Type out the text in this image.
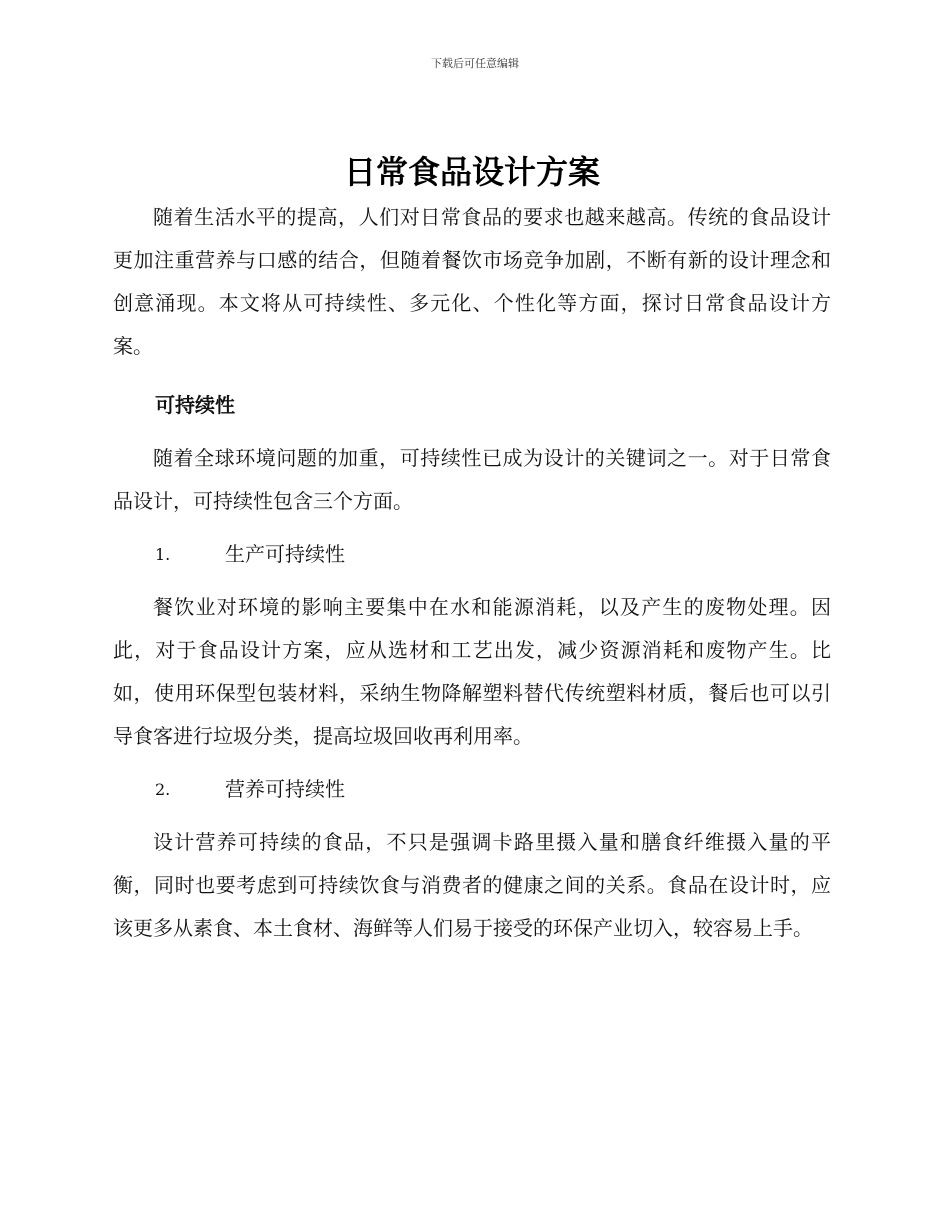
下载后可任意编辑
日常食品设计方案

随着生活水平的提高，人们对日常食品的要求也越来越高。传统的食品设计更加注重营养与口感的结合，但随着餐饮市场竞争加剧，不断有新的设计理念和创意涌现。本文将从可持续性、多元化、个性化等方面，探讨日常食品设计方案。

可持续性

随着全球环境问题的加重，可持续性已成为设计的关键词之一。对于日常食品设计，可持续性包含三个方面。

1.	生产可持续性

餐饮业对环境的影响主要集中在水和能源消耗，以及产生的废物处理。因此，对于食品设计方案，应从选材和工艺出发，减少资源消耗和废物产生。比如，使用环保型包装材料，采纳生物降解塑料替代传统塑料材质，餐后也可以引导食客进行垃圾分类，提高垃圾回收再利用率。

2.	营养可持续性

设计营养可持续的食品，不只是强调卡路里摄入量和膳食纤维摄入量的平衡，同时也要考虑到可持续饮食与消费者的健康之间的关系。食品在设计时，应该更多从素食、本土食材、海鲜等人们易于接受的环保产业切入，较容易上手。
